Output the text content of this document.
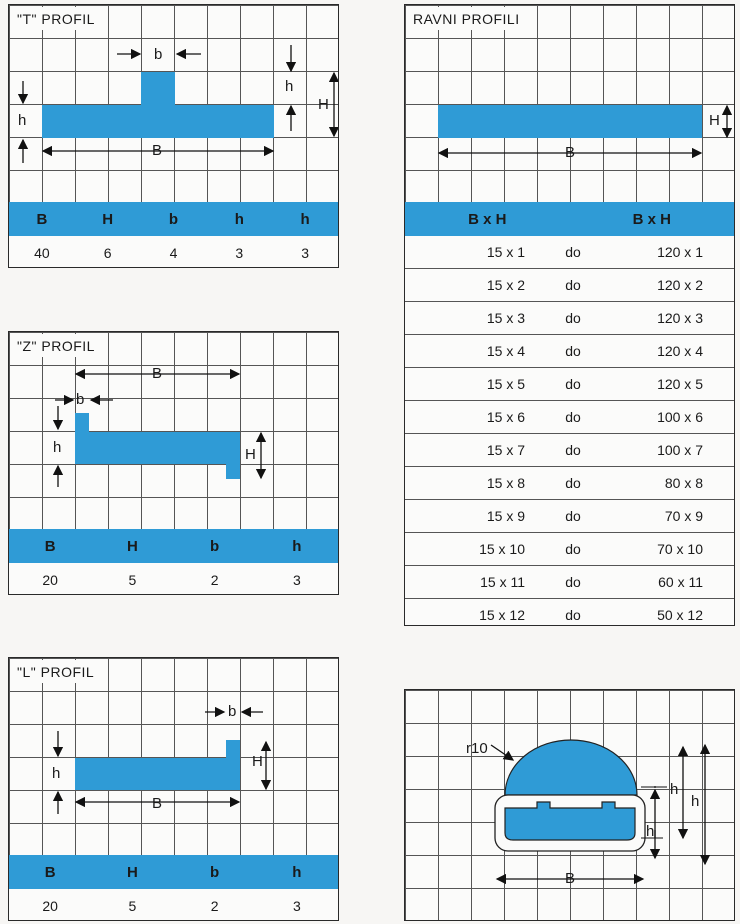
"T" PROFIL
b
h
h
H
B
B	H	b	h	h
40	6	4	3	3
"Z" PROFIL
B
b
h	H
B	H	b	h
20	5	2	3
"L" PROFIL
b
h
H
B
B	H	b	h
20	5	2	3
RAVNI PROFILI
H
B
B x H	B x H
15 x 1	do	120 x 1
15 x 2	do	120 x 2
15 x 3	do	120 x 3
15 x 4	do	120 x 4
15 x 5	do	120 x 5
15 x 6	do	100 x 6
15 x 7	do	100 x 7
15 x 8	do	80 x 8
15 x 9	do	70 x 9
15 x 10	do	70 x 10
15 x 11	do	60 x 11
15 x 12	do	50 x 12
r10
h
h
h
B
